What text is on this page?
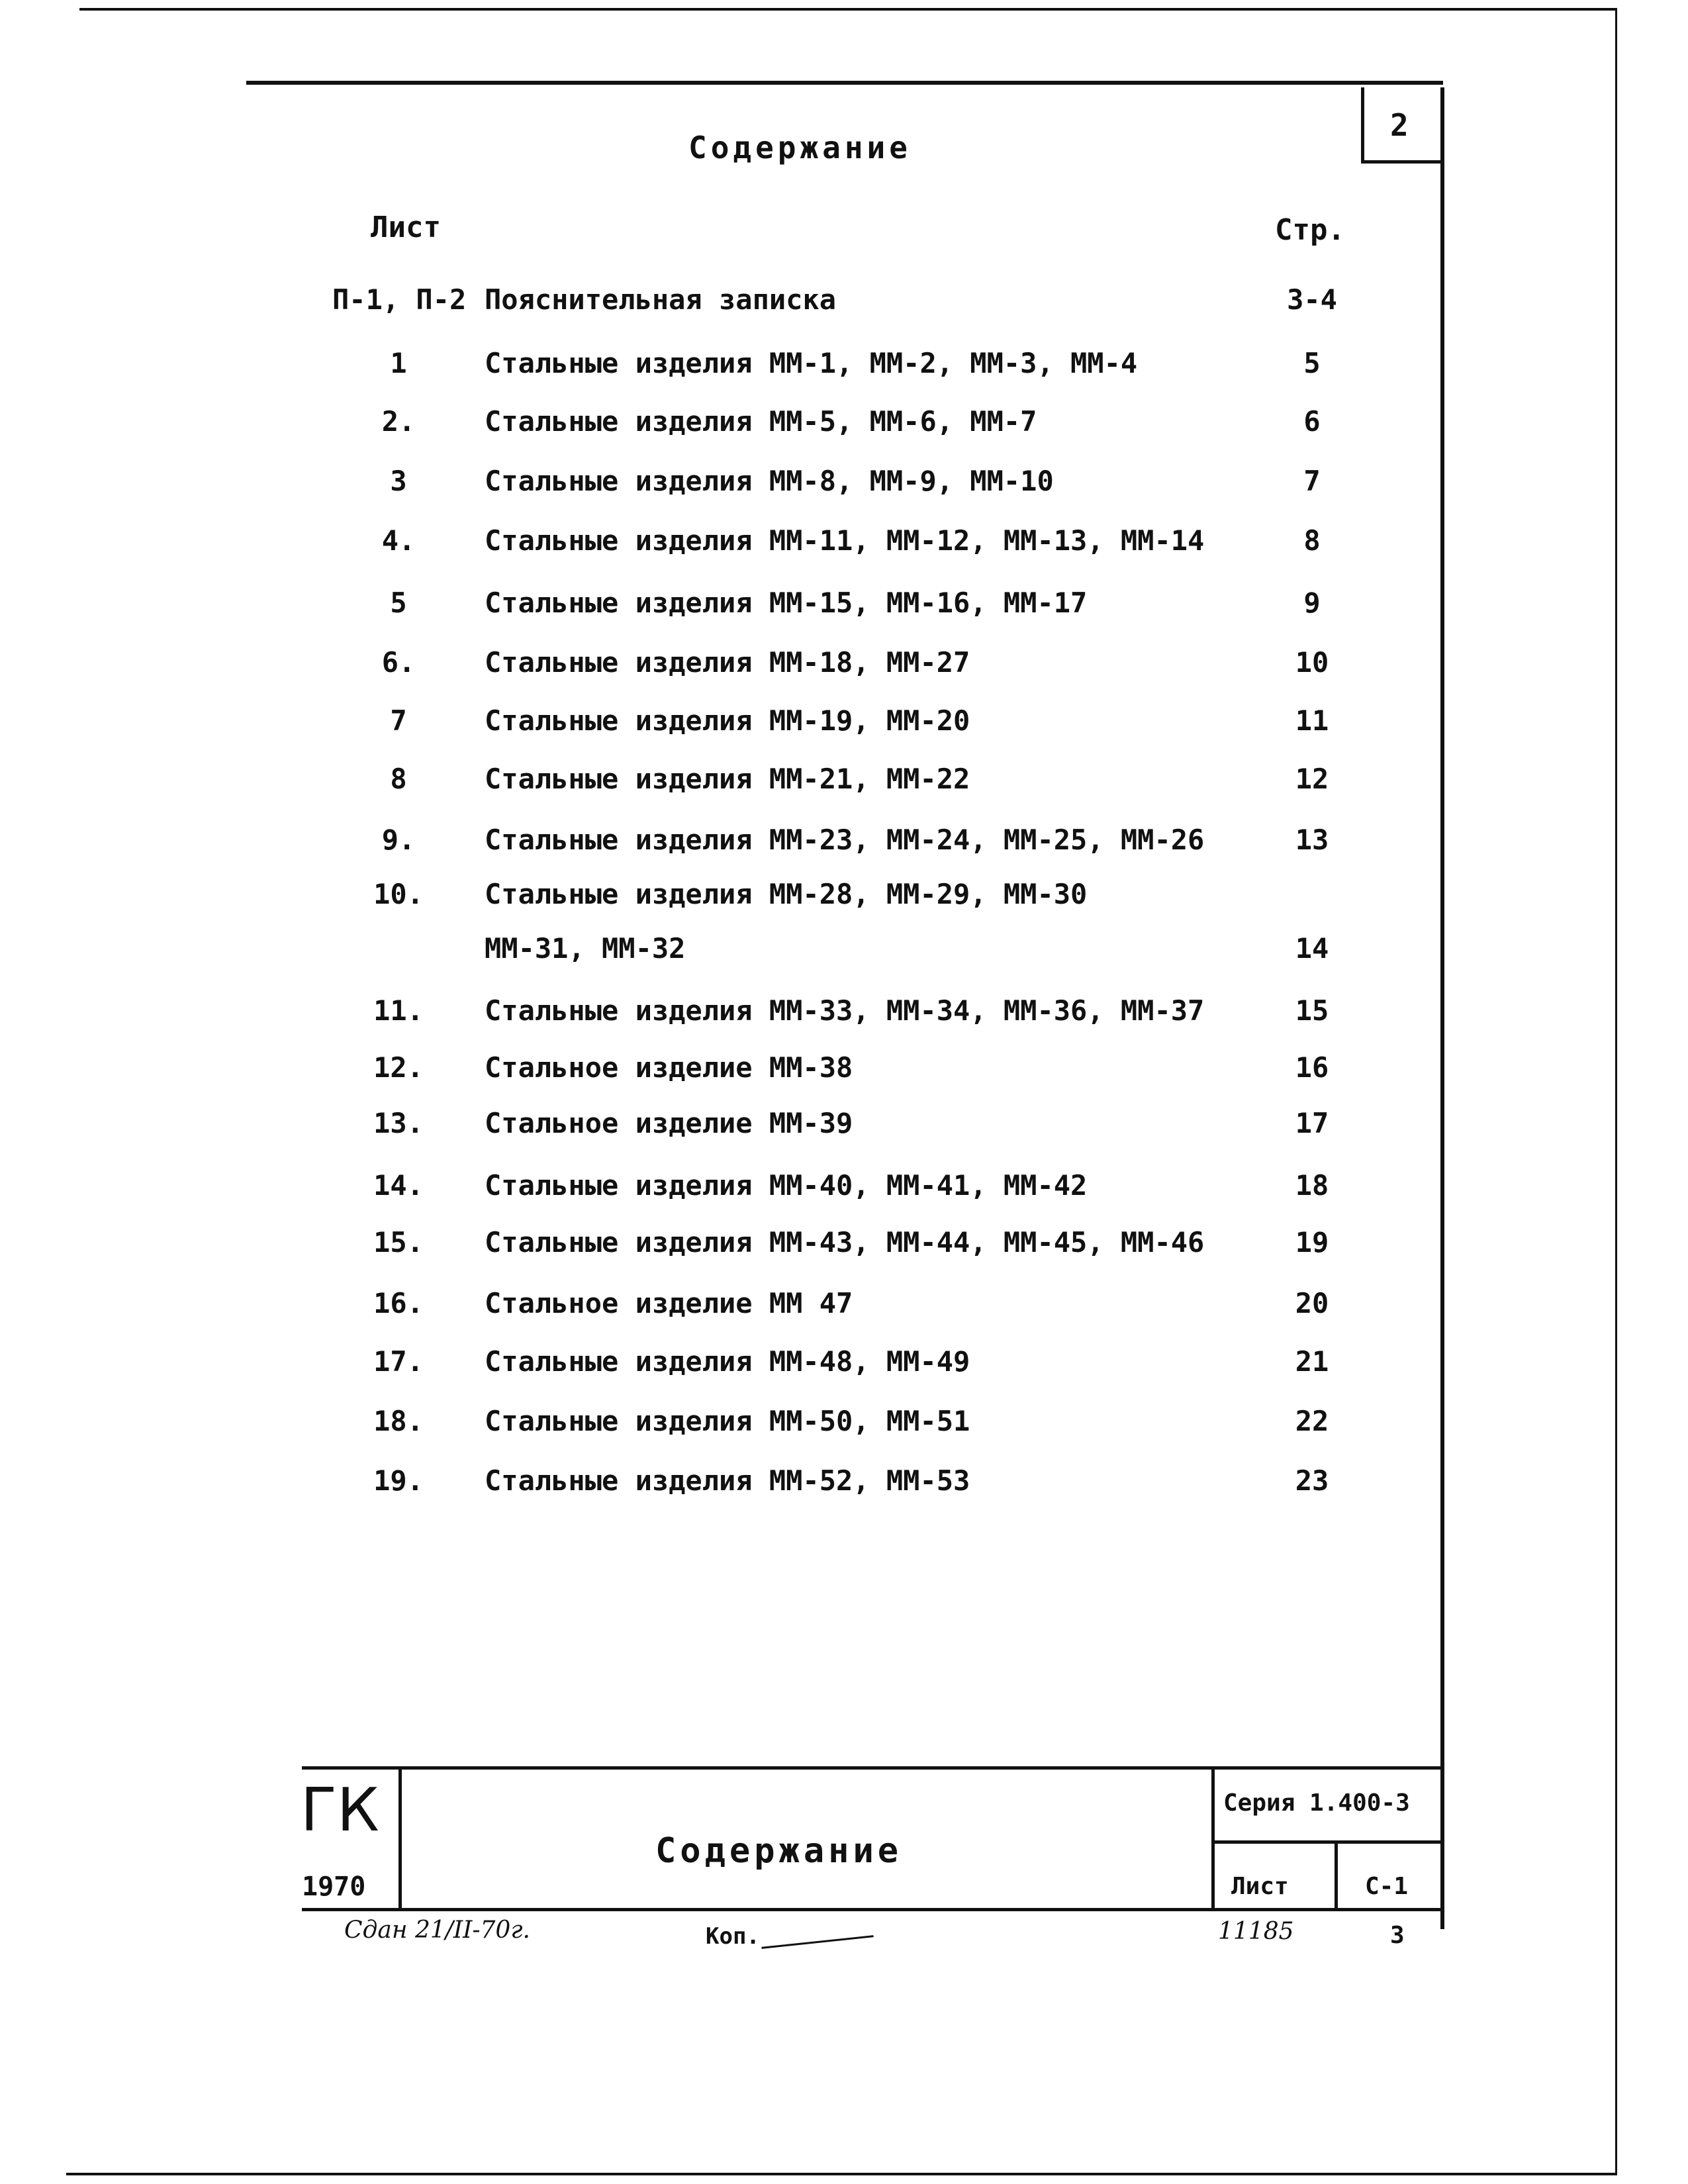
2
Содержание
Лист	Стр.
П-1, П-2 Пояснительная записка	3-4
1	Стальные изделия ММ-1, ММ-2, ММ-3, ММ-4	5
2.	Стальные изделия ММ-5, ММ-6, ММ-7	6
3	Стальные изделия ММ-8, ММ-9, ММ-10	7
4.	Стальные изделия ММ-11, ММ-12, ММ-13, ММ-14	8
5	Стальные изделия ММ-15, ММ-16, ММ-17	9
6.	Стальные изделия ММ-18, ММ-27	10
7	Стальные изделия ММ-19, ММ-20	11
8	Стальные изделия ММ-21, ММ-22	12
9.	Стальные изделия ММ-23, ММ-24, ММ-25, ММ-26	13
10.	Стальные изделия ММ-28, ММ-29, ММ-30
ММ-31, ММ-32	14
11.	Стальные изделия ММ-33, ММ-34, ММ-36, ММ-37	15
12.	Стальное изделие ММ-38	16
13.	Стальное изделие ММ-39	17
14.	Стальные изделия ММ-40, ММ-41, ММ-42	18
15.	Стальные изделия ММ-43, ММ-44, ММ-45, ММ-46	19
16.	Стальное изделие ММ 47	20
17.	Стальные изделия ММ-48, ММ-49	21
18.	Стальные изделия ММ-50, ММ-51	22
19.	Стальные изделия ММ-52, ММ-53	23
ГК
1970
Содержание
Серия 1.400-3
Лист	С-1
Сдан 21/II-70г.	Коп.	11185	3
